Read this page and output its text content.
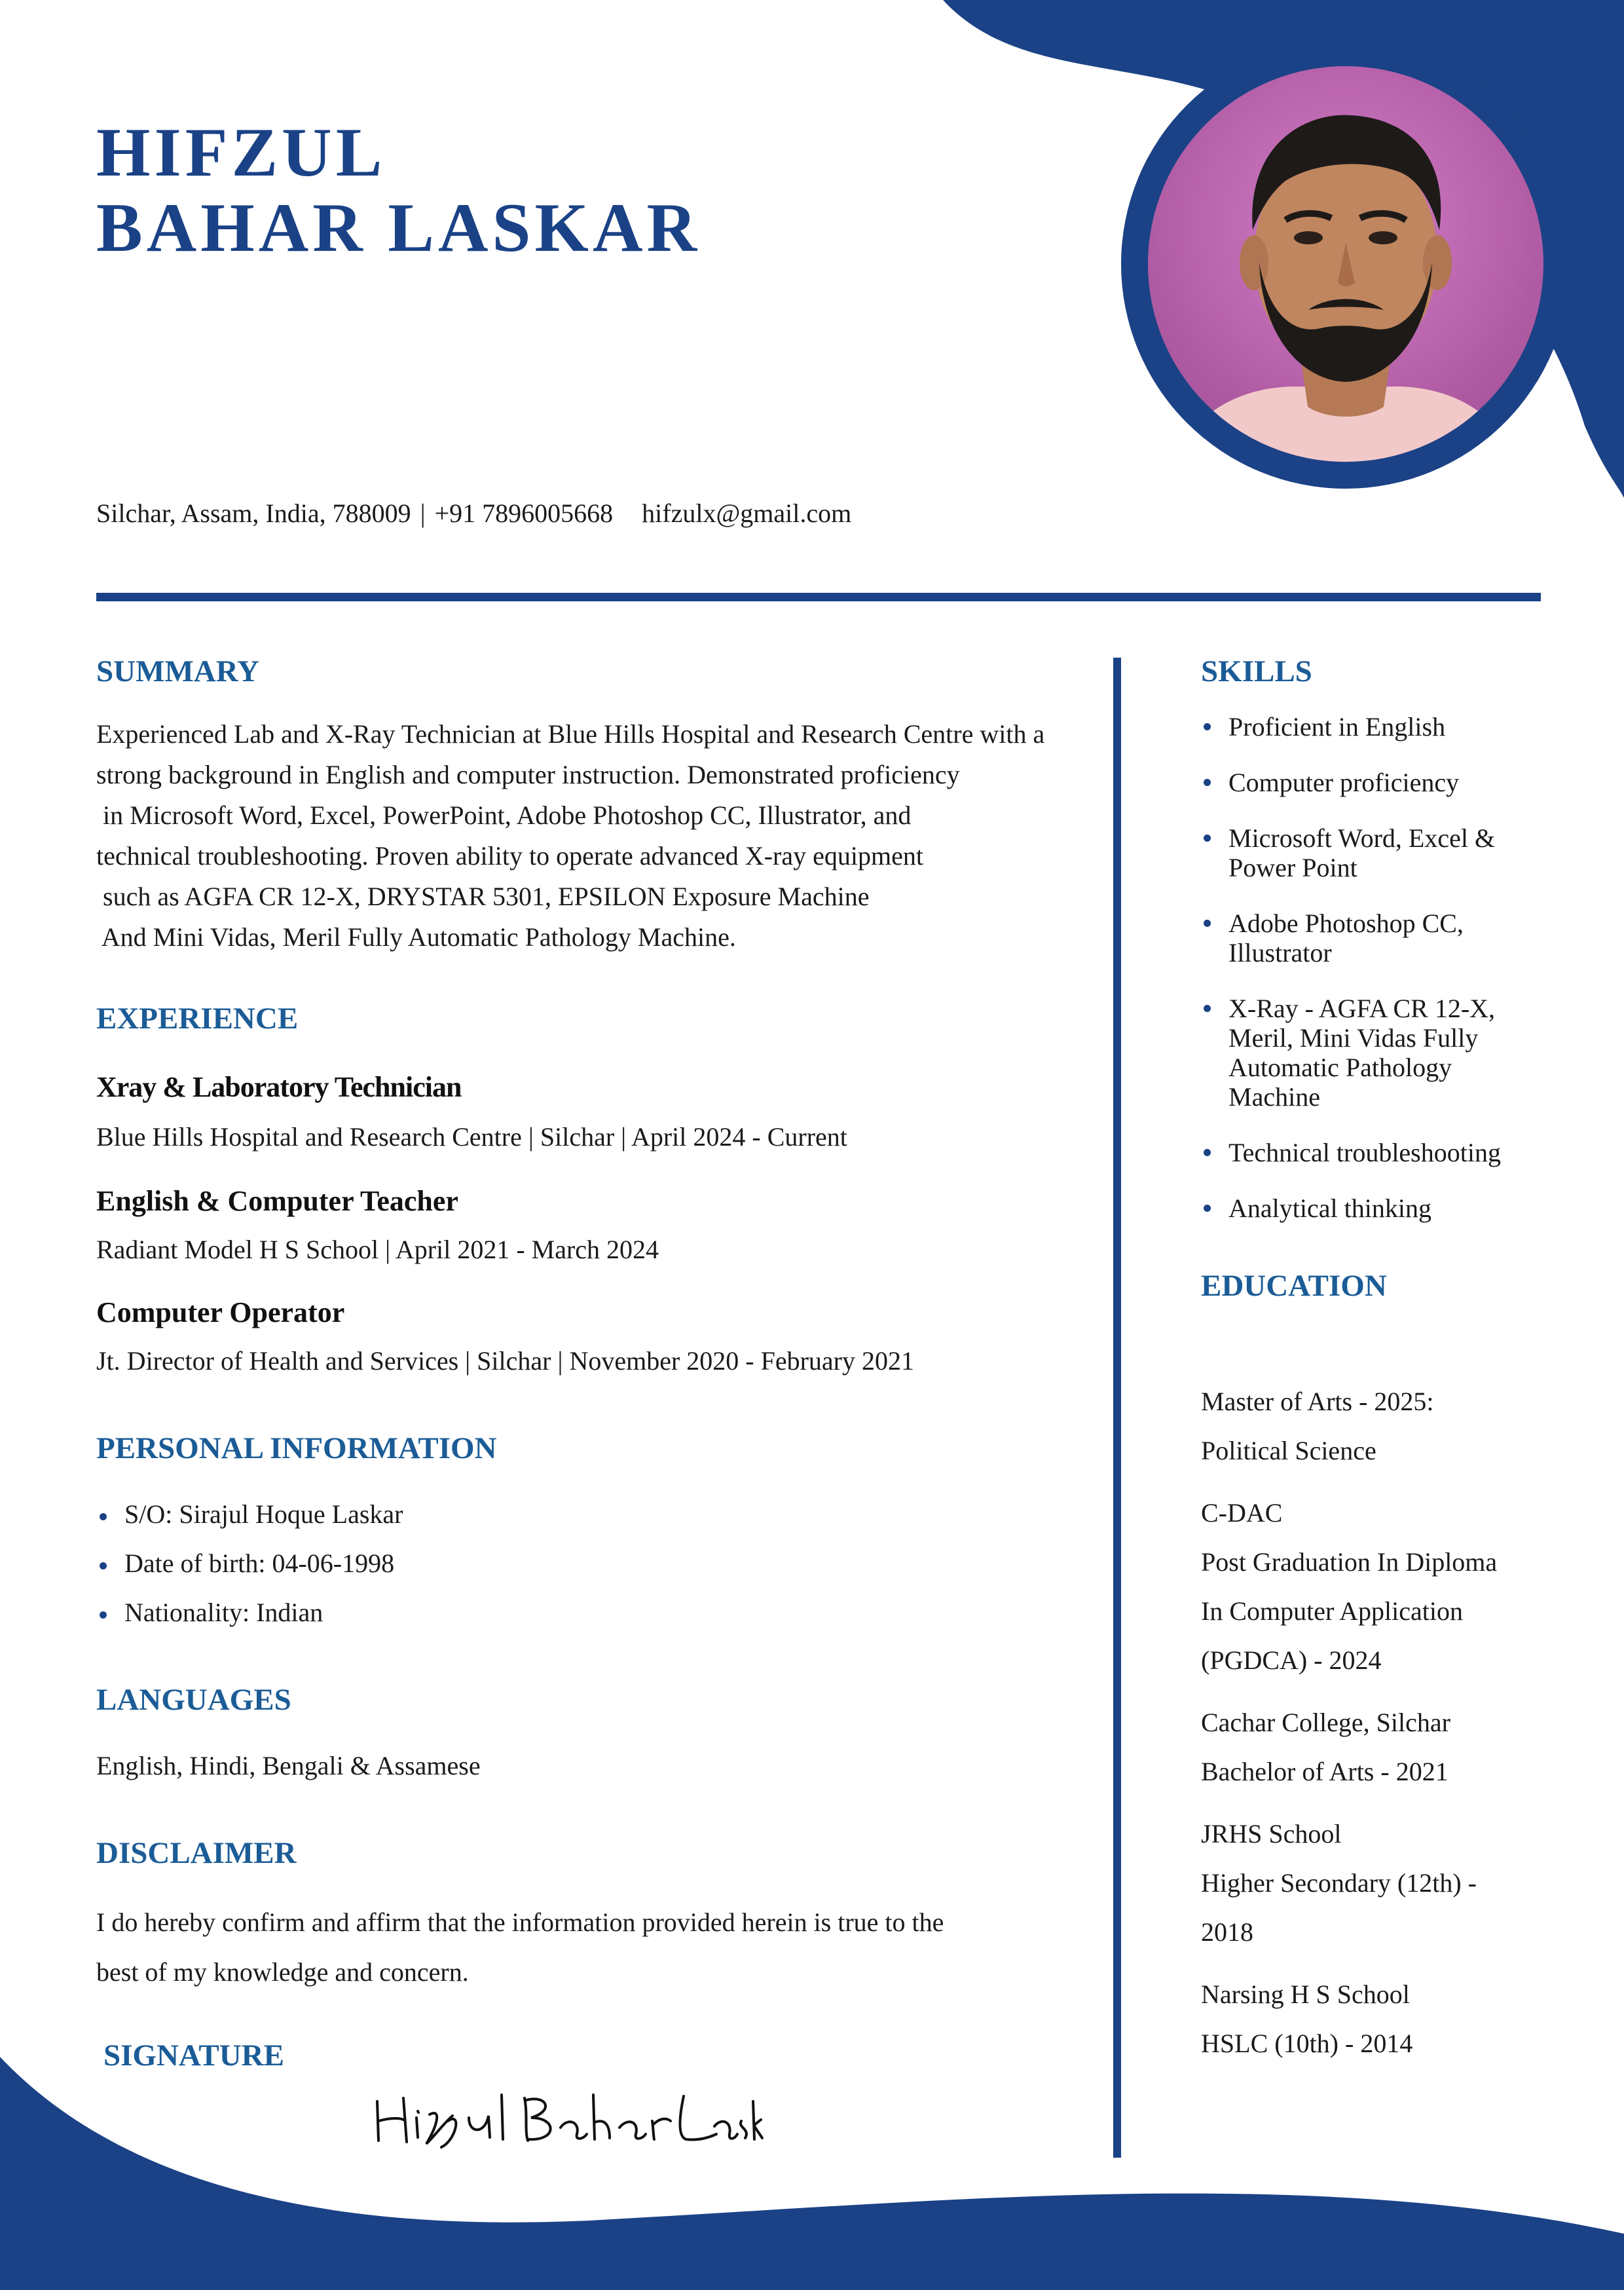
HIFZUL
BAHAR LASKAR
Silchar, Assam, India, 788009 | +91 7896005668 hifzulx@gmail.com
SUMMARY
Experienced Lab and X-Ray Technician at Blue Hills Hospital and Research Centre with a
strong background in English and computer instruction. Demonstrated proficiency
in Microsoft Word, Excel, PowerPoint, Adobe Photoshop CC, Illustrator, and
technical troubleshooting. Proven ability to operate advanced X-ray equipment
such as AGFA CR 12-X, DRYSTAR 5301, EPSILON Exposure Machine
And Mini Vidas, Meril Fully Automatic Pathology Machine.
EXPERIENCE
Xray & Laboratory Technician
Blue Hills Hospital and Research Centre | Silchar | April 2024 - Current
English & Computer Teacher
Radiant Model H S School | April 2021 - March 2024
Computer Operator
Jt. Director of Health and Services | Silchar | November 2020 - February 2021
PERSONAL INFORMATION
S/O: Sirajul Hoque Laskar
Date of birth: 04-06-1998
Nationality: Indian
LANGUAGES
English, Hindi, Bengali & Assamese
DISCLAIMER
I do hereby confirm and affirm that the information provided herein is true to the
best of my knowledge and concern.
SIGNATURE
SKILLS
Proficient in English
Computer proficiency
Microsoft Word, Excel & Power Point
Adobe Photoshop CC, Illustrator
X-Ray - AGFA CR 12-X, Meril, Mini Vidas Fully Automatic Pathology Machine
Technical troubleshooting
Analytical thinking
EDUCATION
Master of Arts - 2025:
Political Science
C-DAC
Post Graduation In Diploma
In Computer Application
(PGDCA) - 2024
Cachar College, Silchar
Bachelor of Arts - 2021
JRHS School
Higher Secondary (12th) -
2018
Narsing H S School
HSLC (10th) - 2014
